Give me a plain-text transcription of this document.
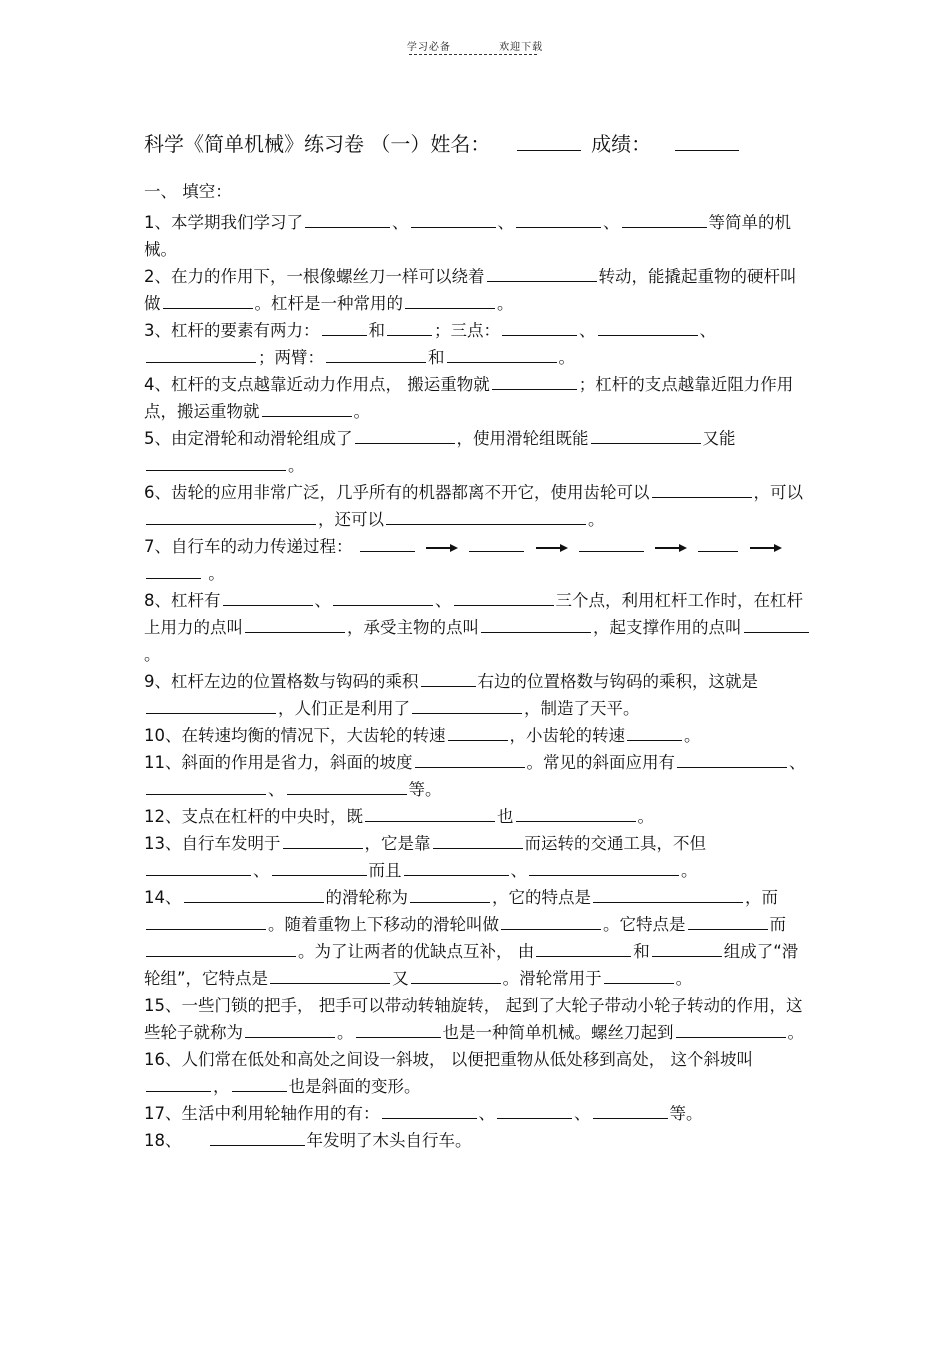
学习必备	欢迎下载
科学《简单机械》练习卷 （一）姓名：	成绩：

一、 填空：

1、本学期我们学习了	、	、	、	等简单的机械。

2、在力的作用下，一根像螺丝刀一样可以绕着	转动，能撬起重物的硬杆叫做	。杠杆是一种常用的	。

3、杠杆的要素有两力：	和	；三点：	、	、；两臂：	和	。

4、杠杆的支点越靠近动力作用点， 搬运重物就	；杠杆的支点越靠近阻力作用点，搬运重物就	。

5、由定滑轮和动滑轮组成了	，使用滑轮组既能	又能。

6、齿轮的应用非常广泛，几乎所有的机器都离不开它，使用齿轮可以	，可以，还可以	。

7、自行车的动力传递过程：          。

8、杠杆有	、	、	三个点，利用杠杆工作时，在杠杆上用力的点叫	，承受主物的点叫	，起支撑作用的点叫。

9、杠杆左边的位置格数与钩码的乘积	右边的位置格数与钩码的乘积，这就是，人们正是利用了	，制造了天平。

10、在转速均衡的情况下，大齿轮的转速	，小齿轮的转速	。

11、斜面的作用是省力，斜面的坡度	。常见的斜面应用有	、、	等。

12、支点在杠杆的中央时，既	也	。

13、自行车发明于	，它是靠	而运转的交通工具，不但、	而且	、	。

14、	的滑轮称为	，它的特点是	，而。随着重物上下移动的滑轮叫做	。它特点是	而。为了让两者的优缺点互补， 由	和	组成了“滑轮组”，它特点是	又	。滑轮常用于	。

15、一些门锁的把手， 把手可以带动转轴旋转， 起到了大轮子带动小轮子转动的作用，这些轮子就称为	。	也是一种简单机械。螺丝刀起到	。

16、人们常在低处和高处之间设一斜坡， 以便把重物从低处移到高处， 这个斜坡叫，	也是斜面的变形。

17、生活中利用轮轴作用的有：	、	、	等。

18、	年发明了木头自行车。
